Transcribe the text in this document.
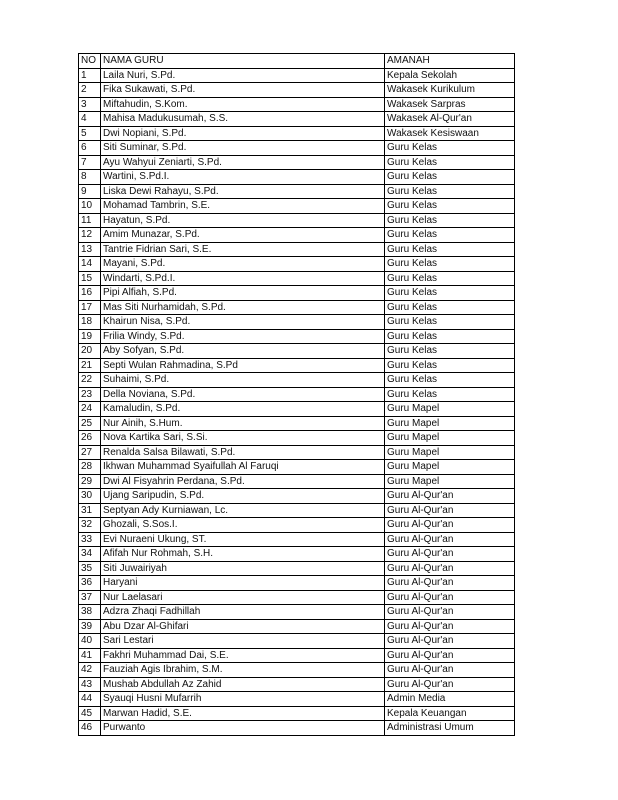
NO	NAMA GURU	AMANAH
1	Laila Nuri, S.Pd.	Kepala Sekolah
2	Fika Sukawati, S.Pd.	Wakasek Kurikulum
3	Miftahudin, S.Kom.	Wakasek Sarpras
4	Mahisa Madukusumah, S.S.	Wakasek Al-Qur'an
5	Dwi Nopiani, S.Pd.	Wakasek Kesiswaan
6	Siti Suminar, S.Pd.	Guru Kelas
7	Ayu Wahyui Zeniarti, S.Pd.	Guru Kelas
8	Wartini, S.Pd.I.	Guru Kelas
9	Liska Dewi Rahayu, S.Pd.	Guru Kelas
10	Mohamad Tambrin, S.E.	Guru Kelas
11	Hayatun, S.Pd.	Guru Kelas
12	Amim Munazar, S.Pd.	Guru Kelas
13	Tantrie Fidrian Sari, S.E.	Guru Kelas
14	Mayani, S.Pd.	Guru Kelas
15	Windarti, S.Pd.I.	Guru Kelas
16	Pipi Alfiah, S.Pd.	Guru Kelas
17	Mas Siti Nurhamidah, S.Pd.	Guru Kelas
18	Khairun Nisa, S.Pd.	Guru Kelas
19	Frilia Windy, S.Pd.	Guru Kelas
20	Aby Sofyan, S.Pd.	Guru Kelas
21	Septi Wulan Rahmadina, S.Pd	Guru Kelas
22	Suhaimi, S.Pd.	Guru Kelas
23	Della Noviana, S.Pd.	Guru Kelas
24	Kamaludin, S.Pd.	Guru Mapel
25	Nur Ainih, S.Hum.	Guru Mapel
26	Nova Kartika Sari, S.Si.	Guru Mapel
27	Renalda Salsa Bilawati, S.Pd.	Guru Mapel
28	Ikhwan Muhammad Syaifullah Al Faruqi	Guru Mapel
29	Dwi Al Fisyahrin Perdana, S.Pd.	Guru Mapel
30	Ujang Saripudin, S.Pd.	Guru Al-Qur'an
31	Septyan Ady Kurniawan, Lc.	Guru Al-Qur'an
32	Ghozali, S.Sos.I.	Guru Al-Qur'an
33	Evi Nuraeni Ukung, ST.	Guru Al-Qur'an
34	Afifah Nur Rohmah, S.H.	Guru Al-Qur'an
35	Siti Juwairiyah	Guru Al-Qur'an
36	Haryani	Guru Al-Qur'an
37	Nur Laelasari	Guru Al-Qur'an
38	Adzra Zhaqi Fadhillah	Guru Al-Qur'an
39	Abu Dzar Al-Ghifari	Guru Al-Qur'an
40	Sari Lestari	Guru Al-Qur'an
41	Fakhri Muhammad Dai, S.E.	Guru Al-Qur'an
42	Fauziah Agis Ibrahim, S.M.	Guru Al-Qur'an
43	Mushab Abdullah Az Zahid	Guru Al-Qur'an
44	Syauqi Husni Mufarrih	Admin Media
45	Marwan Hadid, S.E.	Kepala Keuangan
46	Purwanto	Administrasi Umum
